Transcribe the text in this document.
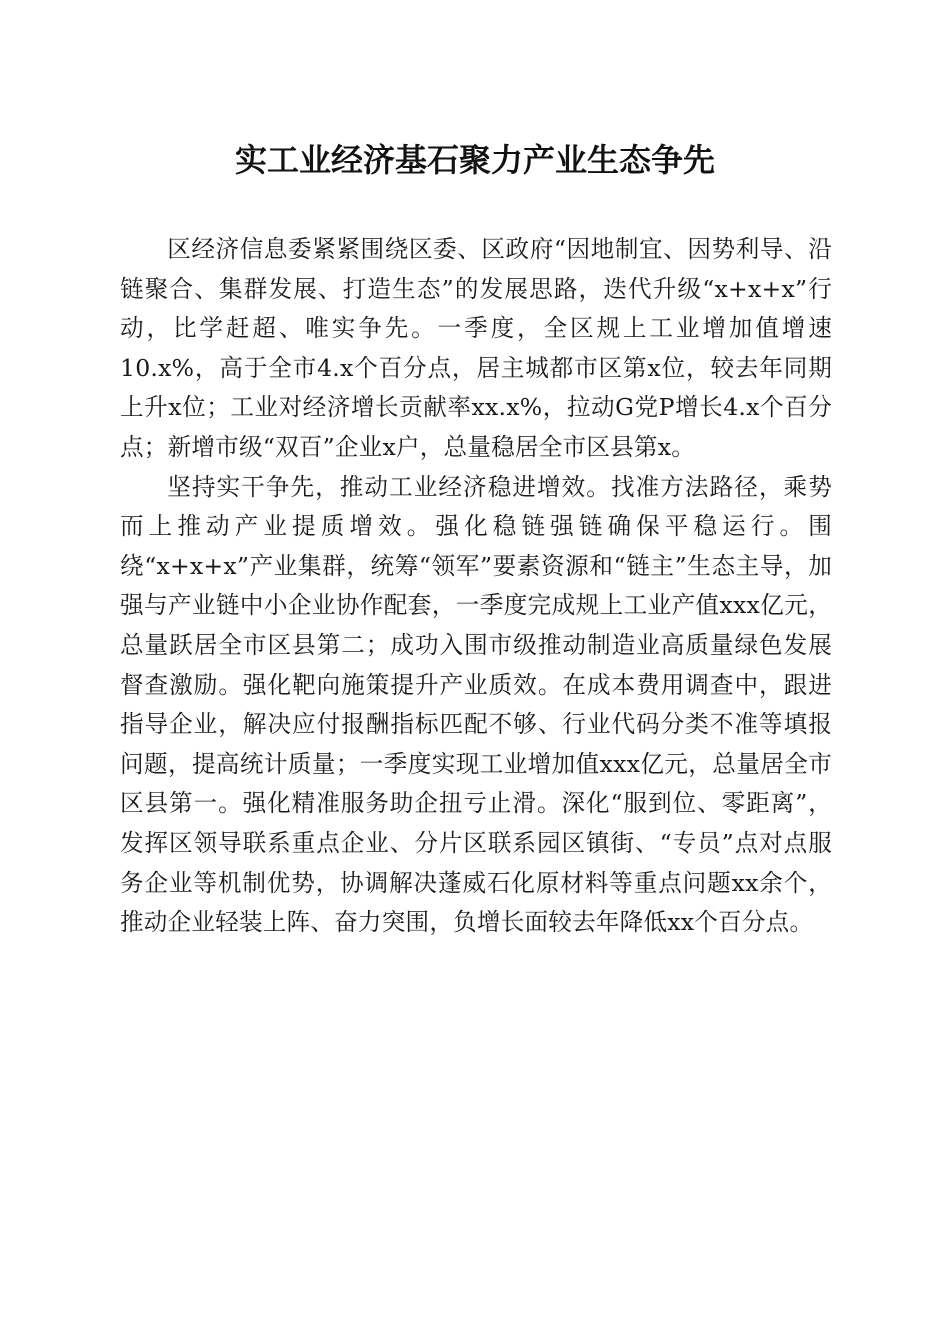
实工业经济基石聚力产业生态争先

区经济信息委紧紧围绕区委、区政府“因地制宜、因势利导、沿链聚合、集群发展、打造生态”的发展思路，迭代升级“x+x+x”行动，比学赶超、唯实争先。一季度，全区规上工业增加值增速10.x%，高于全市4.x个百分点，居主城都市区第x位，较去年同期上升x位；工业对经济增长贡献率xx.x%，拉动G党P增长4.x个百分点；新增市级“双百”企业x户，总量稳居全市区县第x。

坚持实干争先，推动工业经济稳进增效。找准方法路径，乘势而上推动产业提质增效。强化稳链强链确保平稳运行。围绕“x+x+x”产业集群，统筹“领军”要素资源和“链主”生态主导，加强与产业链中小企业协作配套，一季度完成规上工业产值xxx亿元，总量跃居全市区县第二；成功入围市级推动制造业高质量绿色发展督查激励。强化靶向施策提升产业质效。在成本费用调查中，跟进指导企业，解决应付报酬指标匹配不够、行业代码分类不准等填报问题，提高统计质量；一季度实现工业增加值xxx亿元，总量居全市区县第一。强化精准服务助企扭亏止滑。深化“服到位、零距离”，发挥区领导联系重点企业、分片区联系园区镇街、“专员”点对点服务企业等机制优势，协调解决蓬威石化原材料等重点问题xx余个，推动企业轻装上阵、奋力突围，负增长面较去年降低xx个百分点。
